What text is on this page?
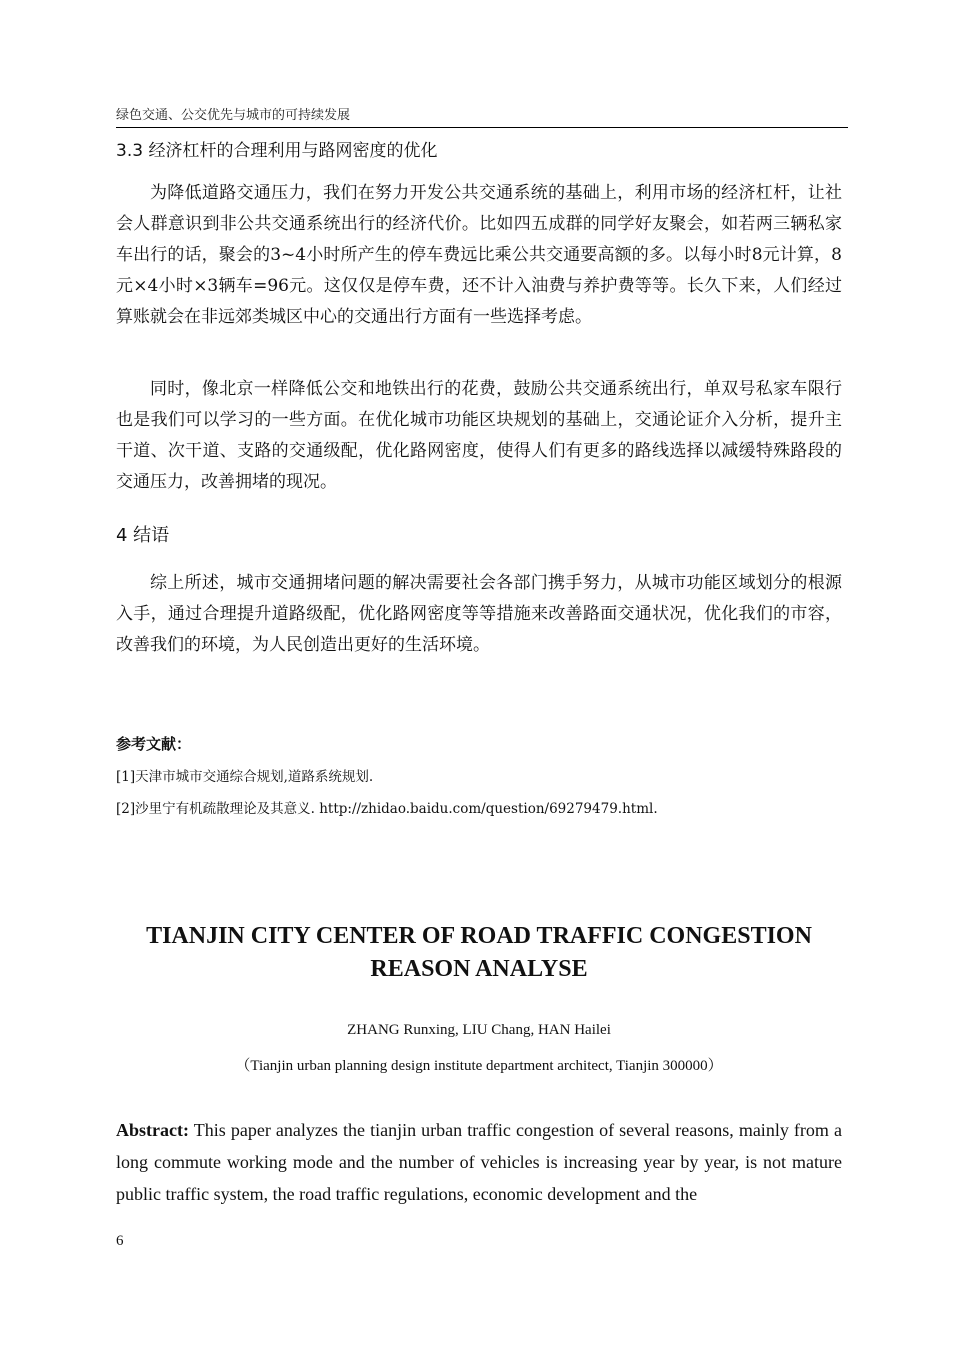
绿色交通、公交优先与城市的可持续发展
3.3 经济杠杆的合理利用与路网密度的优化

为降低道路交通压力，我们在努力开发公共交通系统的基础上，利用市场的经济杠杆，让社会人群意识到非公共交通系统出行的经济代价。比如四五成群的同学好友聚会，如若两三辆私家车出行的话，聚会的3~4小时所产生的停车费远比乘公共交通要高额的多。以每小时8元计算，8元×4小时×3辆车=96元。这仅仅是停车费，还不计入油费与养护费等等。长久下来，人们经过算账就会在非远郊类城区中心的交通出行方面有一些选择考虑。

同时，像北京一样降低公交和地铁出行的花费，鼓励公共交通系统出行，单双号私家车限行也是我们可以学习的一些方面。在优化城市功能区块规划的基础上，交通论证介入分析，提升主干道、次干道、支路的交通级配，优化路网密度，使得人们有更多的路线选择以减缓特殊路段的交通压力，改善拥堵的现况。

4 结语

综上所述，城市交通拥堵问题的解决需要社会各部门携手努力，从城市功能区域划分的根源入手，通过合理提升道路级配，优化路网密度等等措施来改善路面交通状况，优化我们的市容，改善我们的环境，为人民创造出更好的生活环境。

参考文献：
[1]天津市城市交通综合规划,道路系统规划.
[2]沙里宁有机疏散理论及其意义. http://zhidao.baidu.com/question/69279479.html.
TIANJIN CITY CENTER OF ROAD TRAFFIC CONGESTION
REASON ANALYSE
ZHANG Runxing, LIU Chang, HAN Hailei
（Tianjin urban planning design institute department architect, Tianjin 300000）

Abstract: This paper analyzes the tianjin urban traffic congestion of several reasons, mainly from a long commute working mode and the number of vehicles is increasing year by year, is not mature public traffic system, the road traffic regulations, economic development and the

6
